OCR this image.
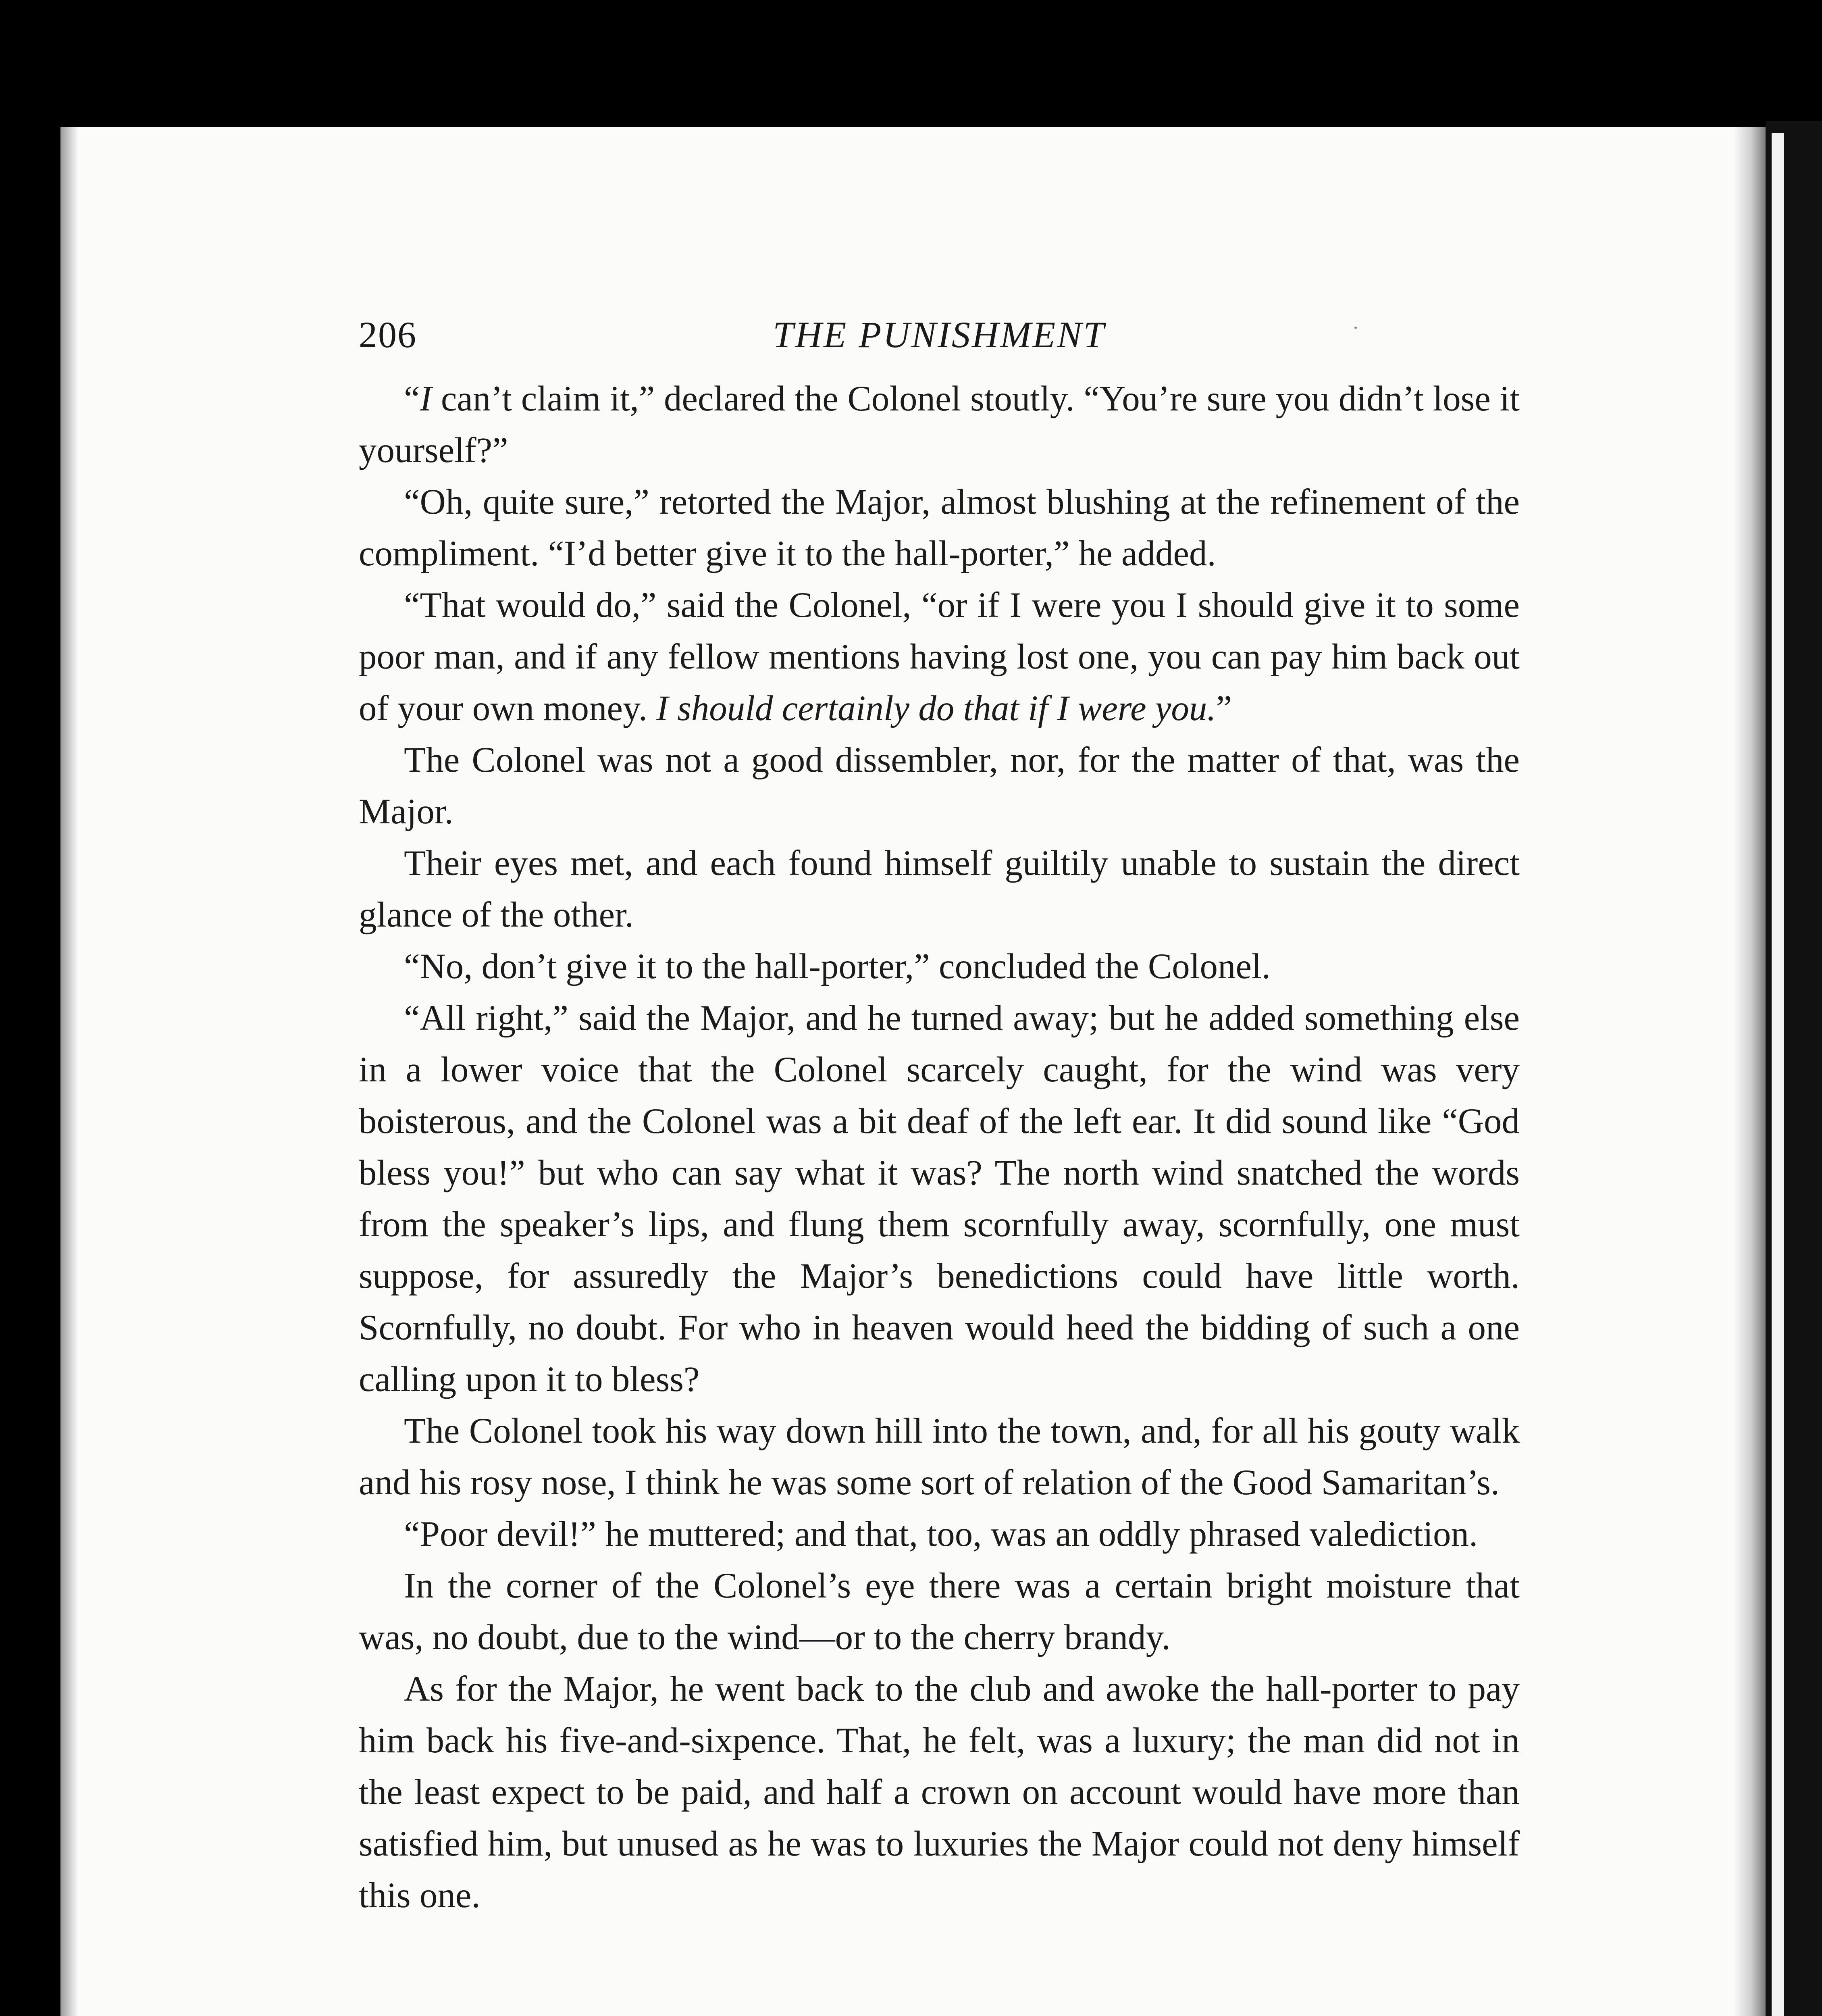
206	THE PUNISHMENT

“I can’t claim it,” declared the Colonel stoutly. “You’re sure you didn’t lose it yourself?”

“Oh, quite sure,” retorted the Major, almost blushing at the refinement of the compliment. “I’d better give it to the hall-porter,” he added.

“That would do,” said the Colonel, “or if I were you I should give it to some poor man, and if any fellow mentions having lost one, you can pay him back out of your own money. I should certainly do that if I were you.”

The Colonel was not a good dissembler, nor, for the matter of that, was the Major.

Their eyes met, and each found himself guiltily unable to sustain the direct glance of the other.

“No, don’t give it to the hall-porter,” concluded the Colonel.

“All right,” said the Major, and he turned away; but he added something else in a lower voice that the Colonel scarcely caught, for the wind was very boisterous, and the Colonel was a bit deaf of the left ear. It did sound like “God bless you!” but who can say what it was? The north wind snatched the words from the speaker’s lips, and flung them scornfully away, scornfully, one must suppose, for assuredly the Major’s benedictions could have little worth. Scornfully, no doubt. For who in heaven would heed the bidding of such a one calling upon it to bless?

The Colonel took his way down hill into the town, and, for all his gouty walk and his rosy nose, I think he was some sort of relation of the Good Samaritan’s.

“Poor devil!” he muttered; and that, too, was an oddly phrased valediction.

In the corner of the Colonel’s eye there was a certain bright moisture that was, no doubt, due to the wind—or to the cherry brandy.

As for the Major, he went back to the club and awoke the hall-porter to pay him back his five-and-sixpence. That, he felt, was a luxury; the man did not in the least expect to be paid, and half a crown on account would have more than satisfied him, but unused as he was to luxuries the Major could not deny himself this one.
